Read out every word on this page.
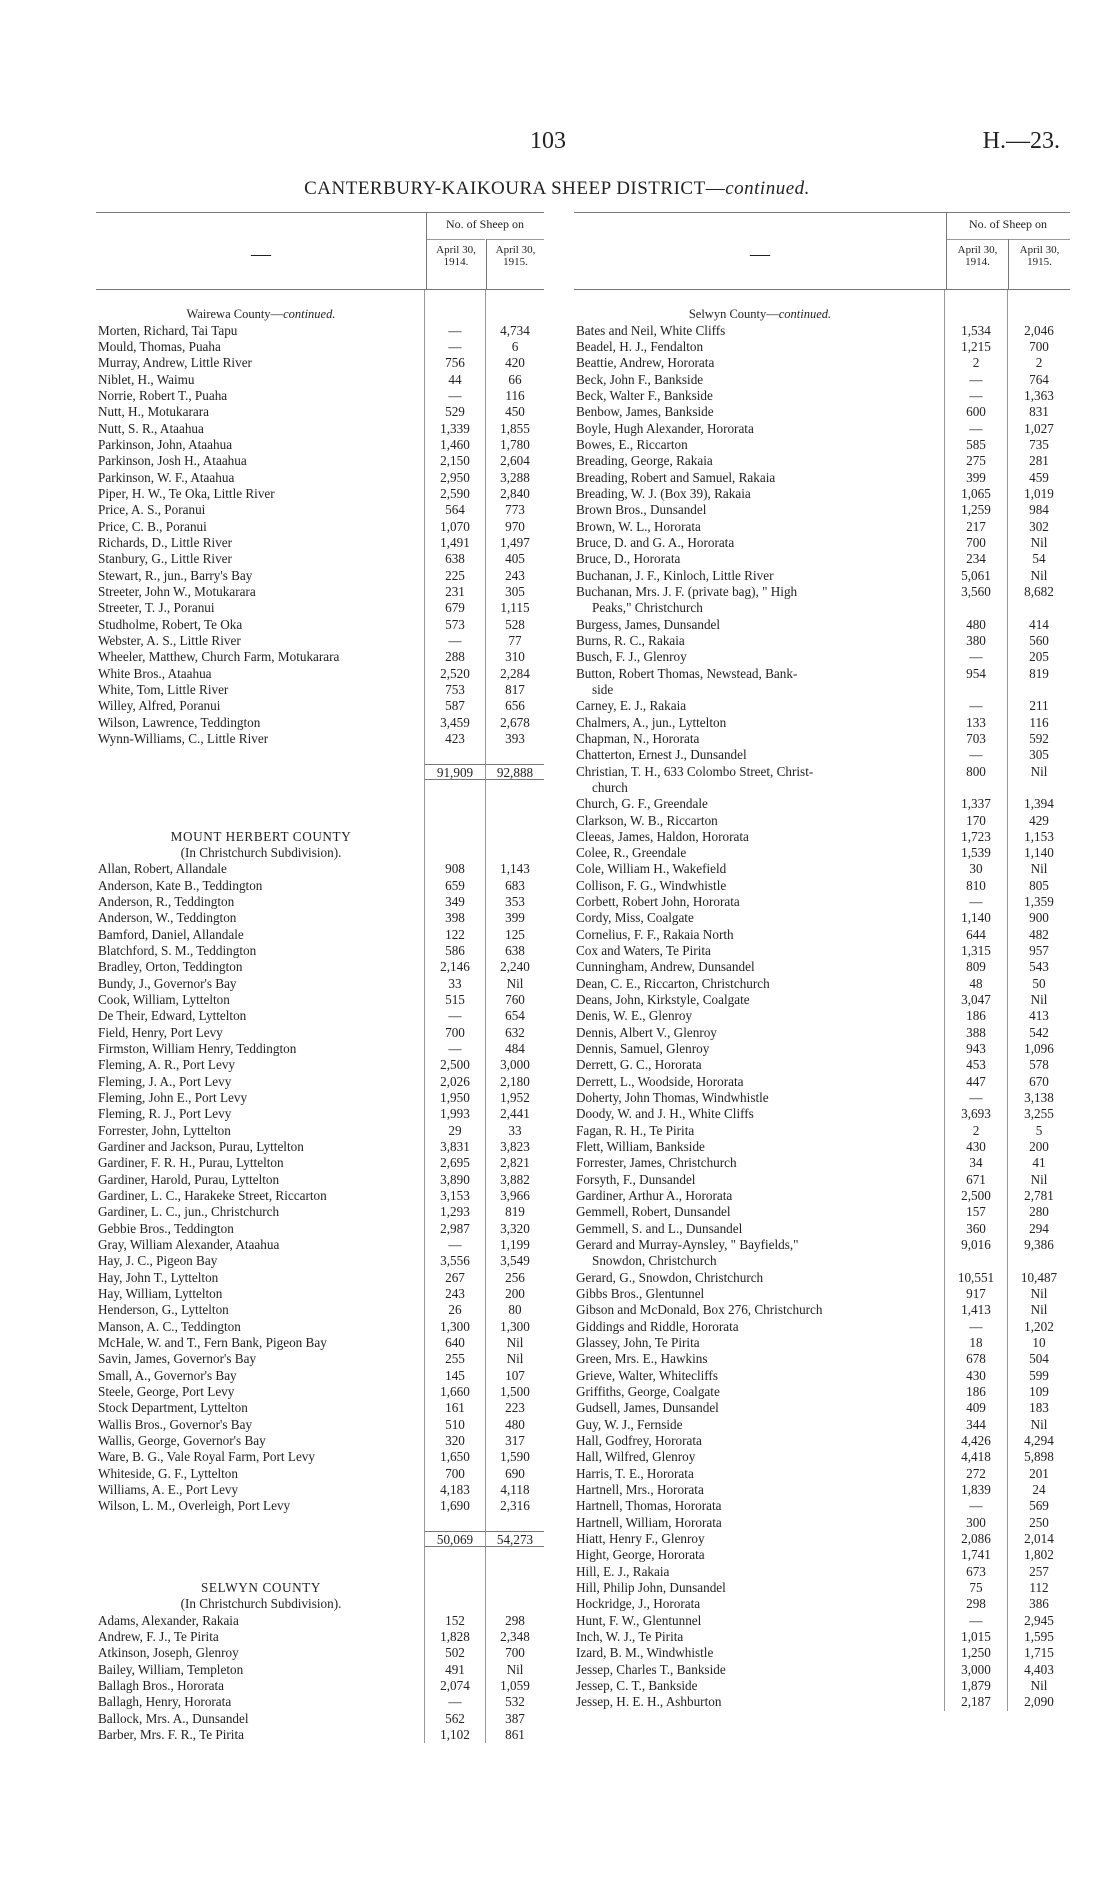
103	H.—23.
CANTERBURY-KAIKOURA SHEEP DISTRICT—continued.
—
No. of Sheep on
April 30, 1914.
April 30, 1915.
Wairewa County—continued.
Morten, Richard, Tai Tapu	—	4,734
Mould, Thomas, Puaha	—	6
Murray, Andrew, Little River	756	420
Niblet, H., Waimu	44	66
Norrie, Robert T., Puaha	—	116
Nutt, H., Motukarara	529	450
Nutt, S. R., Ataahua	1,339	1,855
Parkinson, John, Ataahua	1,460	1,780
Parkinson, Josh H., Ataahua	2,150	2,604
Parkinson, W. F., Ataahua	2,950	3,288
Piper, H. W., Te Oka, Little River	2,590	2,840
Price, A. S., Poranui	564	773
Price, C. B., Poranui	1,070	970
Richards, D., Little River	1,491	1,497
Stanbury, G., Little River	638	405
Stewart, R., jun., Barry's Bay	225	243
Streeter, John W., Motukarara	231	305
Streeter, T. J., Poranui	679	1,115
Studholme, Robert, Te Oka	573	528
Webster, A. S., Little River	—	77
Wheeler, Matthew, Church Farm, Motukarara	288	310
White Bros., Ataahua	2,520	2,284
White, Tom, Little River	753	817
Willey, Alfred, Poranui	587	656
Wilson, Lawrence, Teddington	3,459	2,678
Wynn-Williams, C., Little River	423	393
91,909	92,888
MOUNT HERBERT COUNTY
(In Christchurch Subdivision).
Allan, Robert, Allandale	908	1,143
Anderson, Kate B., Teddington	659	683
Anderson, R., Teddington	349	353
Anderson, W., Teddington	398	399
Bamford, Daniel, Allandale	122	125
Blatchford, S. M., Teddington	586	638
Bradley, Orton, Teddington	2,146	2,240
Bundy, J., Governor's Bay	33	Nil
Cook, William, Lyttelton	515	760
De Their, Edward, Lyttelton	—	654
Field, Henry, Port Levy	700	632
Firmston, William Henry, Teddington	—	484
Fleming, A. R., Port Levy	2,500	3,000
Fleming, J. A., Port Levy	2,026	2,180
Fleming, John E., Port Levy	1,950	1,952
Fleming, R. J., Port Levy	1,993	2,441
Forrester, John, Lyttelton	29	33
Gardiner and Jackson, Purau, Lyttelton	3,831	3,823
Gardiner, F. R. H., Purau, Lyttelton	2,695	2,821
Gardiner, Harold, Purau, Lyttelton	3,890	3,882
Gardiner, L. C., Harakeke Street, Riccarton	3,153	3,966
Gardiner, L. C., jun., Christchurch	1,293	819
Gebbie Bros., Teddington	2,987	3,320
Gray, William Alexander, Ataahua	—	1,199
Hay, J. C., Pigeon Bay	3,556	3,549
Hay, John T., Lyttelton	267	256
Hay, William, Lyttelton	243	200
Henderson, G., Lyttelton	26	80
Manson, A. C., Teddington	1,300	1,300
McHale, W. and T., Fern Bank, Pigeon Bay	640	Nil
Savin, James, Governor's Bay	255	Nil
Small, A., Governor's Bay	145	107
Steele, George, Port Levy	1,660	1,500
Stock Department, Lyttelton	161	223
Wallis Bros., Governor's Bay	510	480
Wallis, George, Governor's Bay	320	317
Ware, B. G., Vale Royal Farm, Port Levy	1,650	1,590
Whiteside, G. F., Lyttelton	700	690
Williams, A. E., Port Levy	4,183	4,118
Wilson, L. M., Overleigh, Port Levy	1,690	2,316
50,069	54,273
SELWYN COUNTY
(In Christchurch Subdivision).
Adams, Alexander, Rakaia	152	298
Andrew, F. J., Te Pirita	1,828	2,348
Atkinson, Joseph, Glenroy	502	700
Bailey, William, Templeton	491	Nil
Ballagh Bros., Hororata	2,074	1,059
Ballagh, Henry, Hororata	—	532
Ballock, Mrs. A., Dunsandel	562	387
Barber, Mrs. F. R., Te Pirita	1,102	861
—
No. of Sheep on
April 30, 1914.
April 30, 1915.
Selwyn County—continued.
Bates and Neil, White Cliffs	1,534	2,046
Beadel, H. J., Fendalton	1,215	700
Beattie, Andrew, Hororata	2	2
Beck, John F., Bankside	—	764
Beck, Walter F., Bankside	—	1,363
Benbow, James, Bankside	600	831
Boyle, Hugh Alexander, Hororata	—	1,027
Bowes, E., Riccarton	585	735
Breading, George, Rakaia	275	281
Breading, Robert and Samuel, Rakaia	399	459
Breading, W. J. (Box 39), Rakaia	1,065	1,019
Brown Bros., Dunsandel	1,259	984
Brown, W. L., Hororata	217	302
Bruce, D. and G. A., Hororata	700	Nil
Bruce, D., Hororata	234	54
Buchanan, J. F., Kinloch, Little River	5,061	Nil
Buchanan, Mrs. J. F. (private bag), " High	3,560	8,682
Peaks," Christchurch
Burgess, James, Dunsandel	480	414
Burns, R. C., Rakaia	380	560
Busch, F. J., Glenroy	—	205
Button, Robert Thomas, Newstead, Bank-	954	819
side
Carney, E. J., Rakaia	—	211
Chalmers, A., jun., Lyttelton	133	116
Chapman, N., Hororata	703	592
Chatterton, Ernest J., Dunsandel	—	305
Christian, T. H., 633 Colombo Street, Christ-	800	Nil
church
Church, G. F., Greendale	1,337	1,394
Clarkson, W. B., Riccarton	170	429
Cleeas, James, Haldon, Hororata	1,723	1,153
Colee, R., Greendale	1,539	1,140
Cole, William H., Wakefield	30	Nil
Collison, F. G., Windwhistle	810	805
Corbett, Robert John, Hororata	—	1,359
Cordy, Miss, Coalgate	1,140	900
Cornelius, F. F., Rakaia North	644	482
Cox and Waters, Te Pirita	1,315	957
Cunningham, Andrew, Dunsandel	809	543
Dean, C. E., Riccarton, Christchurch	48	50
Deans, John, Kirkstyle, Coalgate	3,047	Nil
Denis, W. E., Glenroy	186	413
Dennis, Albert V., Glenroy	388	542
Dennis, Samuel, Glenroy	943	1,096
Derrett, G. C., Hororata	453	578
Derrett, L., Woodside, Hororata	447	670
Doherty, John Thomas, Windwhistle	—	3,138
Doody, W. and J. H., White Cliffs	3,693	3,255
Fagan, R. H., Te Pirita	2	5
Flett, William, Bankside	430	200
Forrester, James, Christchurch	34	41
Forsyth, F., Dunsandel	671	Nil
Gardiner, Arthur A., Hororata	2,500	2,781
Gemmell, Robert, Dunsandel	157	280
Gemmell, S. and L., Dunsandel	360	294
Gerard and Murray-Aynsley, " Bayfields,"	9,016	9,386
Snowdon, Christchurch
Gerard, G., Snowdon, Christchurch	10,551	10,487
Gibbs Bros., Glentunnel	917	Nil
Gibson and McDonald, Box 276, Christchurch	1,413	Nil
Giddings and Riddle, Hororata	—	1,202
Glassey, John, Te Pirita	18	10
Green, Mrs. E., Hawkins	678	504
Grieve, Walter, Whitecliffs	430	599
Griffiths, George, Coalgate	186	109
Gudsell, James, Dunsandel	409	183
Guy, W. J., Fernside	344	Nil
Hall, Godfrey, Hororata	4,426	4,294
Hall, Wilfred, Glenroy	4,418	5,898
Harris, T. E., Hororata	272	201
Hartnell, Mrs., Hororata	1,839	24
Hartnell, Thomas, Hororata	—	569
Hartnell, William, Hororata	300	250
Hiatt, Henry F., Glenroy	2,086	2,014
Hight, George, Hororata	1,741	1,802
Hill, E. J., Rakaia	673	257
Hill, Philip John, Dunsandel	75	112
Hockridge, J., Hororata	298	386
Hunt, F. W., Glentunnel	—	2,945
Inch, W. J., Te Pirita	1,015	1,595
Izard, B. M., Windwhistle	1,250	1,715
Jessep, Charles T., Bankside	3,000	4,403
Jessep, C. T., Bankside	1,879	Nil
Jessep, H. E. H., Ashburton	2,187	2,090
